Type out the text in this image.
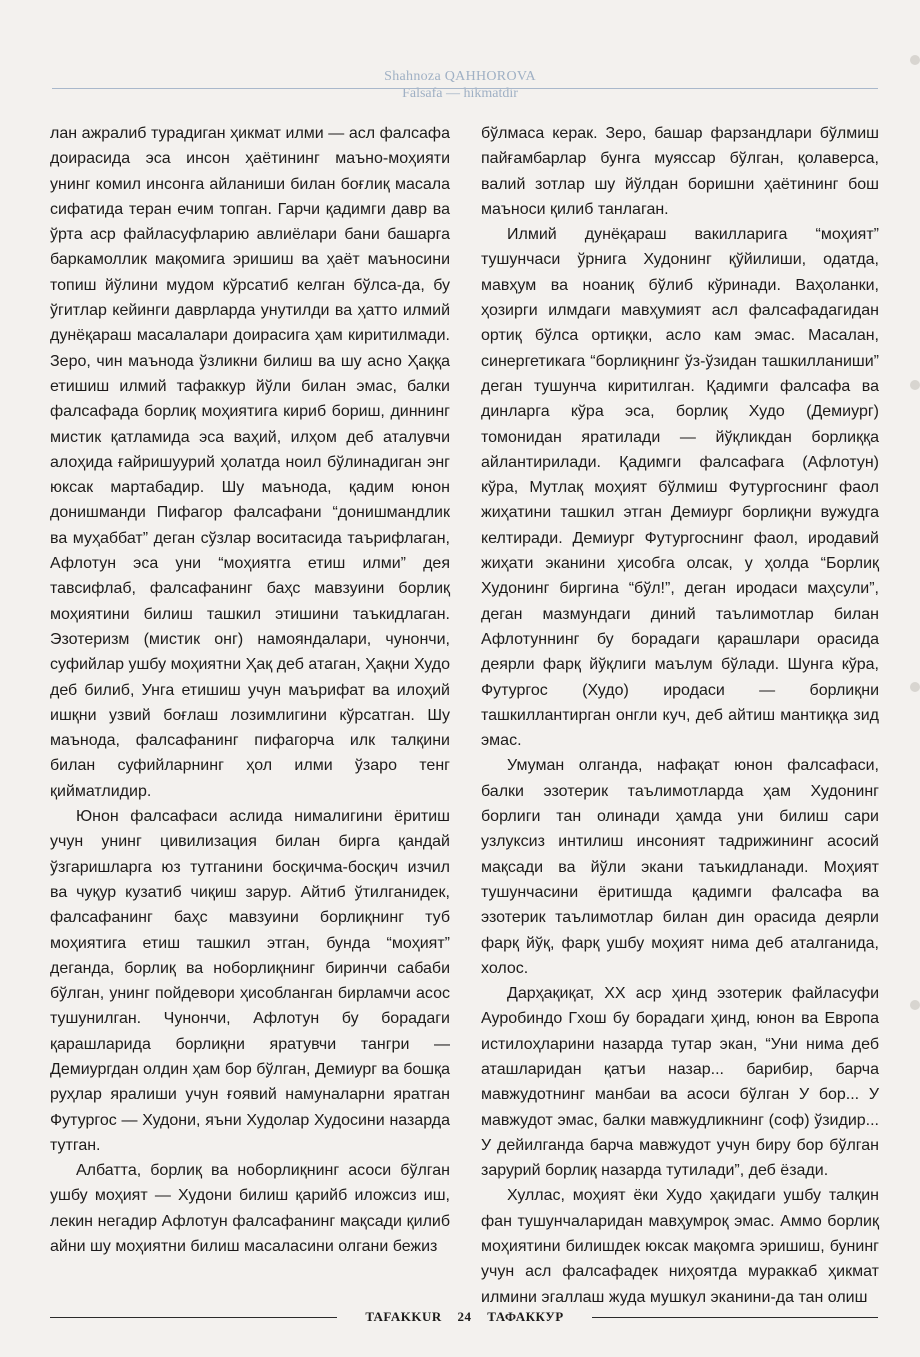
Shahnoza QAHHOROVA
Falsafa — hikmatdir

лан ажралиб турадиган ҳикмат илми — асл фалсафа доирасида эса инсон ҳаётининг маъно-моҳияти унинг комил инсонга айланиши билан боғлиқ масала сифатида теран ечим топган. Гарчи қадимги давр ва ўрта аср файласуфларию авлиёлари бани башарга баркамоллик мақомига эришиш ва ҳаёт маъносини топиш йўлини мудом кўрсатиб келган бўлса-да, бу ўгитлар кейинги даврларда унутилди ва ҳатто илмий дунёқараш масалалари доирасига ҳам киритилмади. Зеро, чин маънода ўзликни билиш ва шу асно Ҳаққа етишиш илмий тафаккур йўли билан эмас, балки фалсафада борлиқ моҳиятига кириб бориш, диннинг мистик қатламида эса ваҳий, илҳом деб аталувчи алоҳида ғайришуурий ҳолатда ноил бўлинадиган энг юксак мартабадир. Шу маънода, қадим юнон донишманди Пифагор фалсафани “донишмандлик ва муҳаббат” деган сўзлар воситасида таърифлаган, Афлотун эса уни “моҳиятга етиш илми” дея тавсифлаб, фалсафанинг баҳс мавзуини борлиқ моҳиятини билиш ташкил этишини таъкидлаган. Эзотеризм (мистик онг) намояндалари, чунончи, суфийлар ушбу моҳиятни Ҳақ деб атаган, Ҳақни Худо деб билиб, Унга етишиш учун маърифат ва илоҳий ишқни узвий боғлаш лозимлигини кўрсатган. Шу маънода, фалсафанинг пифагорча илк талқини билан суфийларнинг ҳол илми ўзаро тенг қийматлидир.

Юнон фалсафаси аслида нималигини ёритиш учун унинг цивилизация билан бирга қандай ўзгаришларга юз тутганини босқичма-босқич изчил ва чуқур кузатиб чиқиш зарур. Айтиб ўтилганидек, фалсафанинг баҳс мавзуини борлиқнинг туб моҳиятига етиш ташкил этган, бунда “моҳият” деганда, борлиқ ва ноборлиқнинг биринчи сабаби бўлган, унинг пойдевори ҳисобланган бирламчи асос тушунилган. Чунончи, Афлотун бу борадаги қарашларида борлиқни яратувчи тангри — Демиургдан олдин ҳам бор бўлган, Демиург ва бошқа руҳлар яралиши учун ғоявий намуналарни яратган Футургос — Худони, яъни Худолар Худосини назарда тутган.

Албатта, борлиқ ва ноборлиқнинг асоси бўлган ушбу моҳият — Худони билиш қарийб иложсиз иш, лекин негадир Афлотун фалсафанинг мақсади қилиб айни шу моҳиятни билиш масаласини олгани бежиз

бўлмаса керак. Зеро, башар фарзандлари бўлмиш пайғамбарлар бунга муяссар бўлган, қолаверса, валий зотлар шу йўлдан боришни ҳаётининг бош маъноси қилиб танлаган.

Илмий дунёқараш вакилларига “моҳият” тушунчаси ўрнига Худонинг қўйилиши, одатда, мавҳум ва ноаниқ бўлиб кўринади. Ваҳоланки, ҳозирги илмдаги мавҳумият асл фалсафадагидан ортиқ бўлса ортиқки, асло кам эмас. Масалан, синергетикага “борлиқнинг ўз-ўзидан ташкилланиши” деган тушунча киритилган. Қадимги фалсафа ва динларга кўра эса, борлиқ Худо (Демиург) томонидан яратилади — йўқликдан борлиққа айлантирилади. Қадимги фалсафага (Афлотун) кўра, Мутлақ моҳият бўлмиш Футургоснинг фаол жиҳатини ташкил этган Демиург борлиқни вужудга келтиради. Демиург Футургоснинг фаол, иродавий жиҳати эканини ҳисобга олсак, у ҳолда “Борлиқ Худонинг биргина “бўл!”, деган иродаси маҳсули”, деган мазмундаги диний таълимотлар билан Афлотуннинг бу борадаги қарашлари орасида деярли фарқ йўқлиги маълум бўлади. Шунга кўра, Футургос (Худо) иродаси — борлиқни ташкиллантирган онгли куч, деб айтиш мантиққа зид эмас.

Умуман олганда, нафақат юнон фалсафаси, балки эзотерик таълимотларда ҳам Худонинг борлиги тан олинади ҳамда уни билиш сари узлуксиз интилиш инсоният тадрижининг асосий мақсади ва йўли экани таъкидланади. Моҳият тушунчасини ёритишда қадимги фалсафа ва эзотерик таълимотлар билан дин орасида деярли фарқ йўқ, фарқ ушбу моҳият нима деб аталганида, холос.

Дарҳақиқат, ХХ аср ҳинд эзотерик файласуфи Ауробиндо Гхош бу борадаги ҳинд, юнон ва Европа истилоҳларини назарда тутар экан, “Уни нима деб аташларидан қатъи назар... барибир, барча мавжудотнинг манбаи ва асоси бўлган У бор... У мавжудот эмас, балки мавжудликнинг (соф) ўзидир... У дейилганда барча мавжудот учун биру бор бўлган зарурий борлиқ назарда тутилади”, деб ёзади.

Хуллас, моҳият ёки Худо ҳақидаги ушбу талқин фан тушунчаларидан мавҳумроқ эмас. Аммо борлиқ моҳиятини билишдек юксак мақомга эришиш, бунинг учун асл фалсафадек ниҳоятда мураккаб ҳикмат илмини эгаллаш жуда мушкул эканини-да тан олиш

TAFAKKUR 24 ТАФАККУР
